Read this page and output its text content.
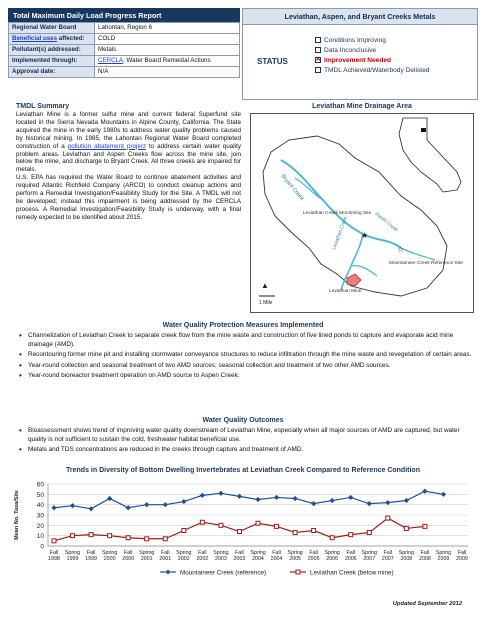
Total Maximum Daily Load Progress Report
Regional Water Board	Lahontan, Region 6
Beneficial uses affected:	COLD
Pollutant(s) addressed:	Metals
Implemented through:	CERCLA, Water Board Remedial Actions
Approval date:	N/A
Leviathan, Aspen, and Bryant Creeks Metals
STATUS
Conditions Improving
Data Inconclusive
✕Improvement Needed
TMDL Achieved/Waterbody Delisted
TMDL Summary

Leviathan Mine is a former sulfur mine and current federal Superfund site located in the Sierra Nevada Mountains in Alpine County, California. The State acquired the mine in the early 1980s to address water quality problems caused by historical mining. In 1985, the Lahontan Regional Water Board completed construction of a pollution abatement project to address certain water quality problem areas. Leviathan and Aspen Creeks flow across the mine site, join below the mine, and discharge to Bryant Creek. All three creeks are impaired for metals.

U.S. EPA has required the Water Board to continue abatement activities and required Atlantic Richfield Company (ARCO) to conduct cleanup actions and perform a Remedial Investigation/Feasibility Study for the Site. A TMDL will not be developed; instead this impairment is being addressed by the CERCLA process. A Remedial Investigation/Feasibility Study is underway, with a final remedy expected to be identified about 2015.

Leviathan Mine Drainage Area
★
☆
Bryant Creek
Leviathan Creek Monitoring Site Aspen Creek
Mountaineer Creek Reference Site
Leviathan Mine
Leviathan Creek
1 Mile
▲
Water Quality Protection Measures Implemented
• Channelization of Leviathan Creek to separate creek flow from the mine waste and construction of five lined ponds to capture and evaporate acid mine drainage (AMD).
• Recontouring former mine pit and installing stormwater conveyance structures to reduce infiltration through the mine waste and revegetation of certain areas.
• Year-round collection and seasonal treatment of two AMD sources; seasonal collection and treatment of two other AMD sources.
• Year-round bioreactor treatment operation on AMD source to Aspen Creek.
Water Quality Outcomes
• Bioassessment shows trend of improving water quality downstream of Leviathan Mine, especially when all major sources of AMD are captured, but water quality is not sufficient to sustain the cold, freshwater habitat beneficial use.
• Metals and TDS concentrations are reduced in the creeks through capture and treatment of AMD.
Trends in Diversity of Bottom Dwelling Invertebrates at Leviathan Creek Compared to Reference Condition
0
10
20
30
40
50
60
Mean No. Taxa/Site
Fall
1998
Spring
1999
Fall
1999
Spring
2000
Fall
2000
Spring
2001
Fall
2001
Spring
2002
Fall
2002
Spring
2003
Fall
2003
Spring
2004
Fall
2004
Spring
2005
Fall
2005
Spring
2006
Fall
2006
Spring
2007
Fall
2007
Spring
2008
Fall
2008
Spring
2009
Fall
2009
Mountaineer Creek (reference)	Leviathan Creek (below mine)
Updated September 2012
